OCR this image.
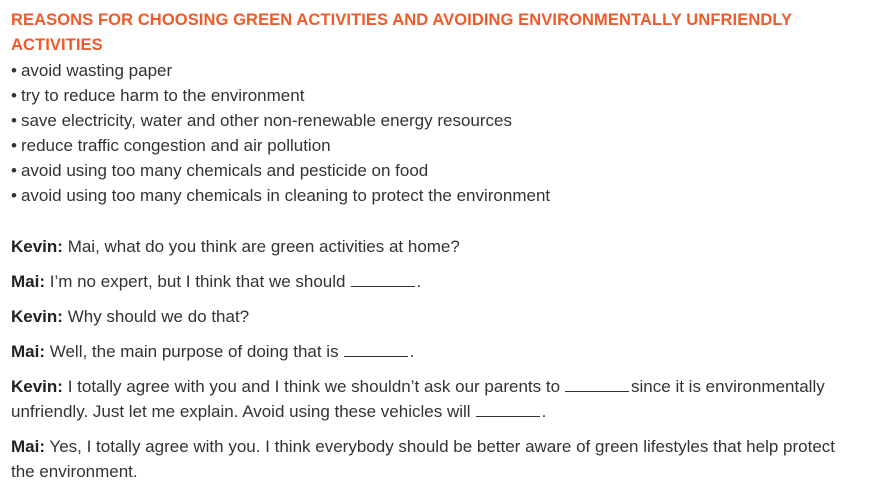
REASONS FOR CHOOSING GREEN ACTIVITIES AND AVOIDING ENVIRONMENTALLY UNFRIENDLY ACTIVITIES
• avoid wasting paper
• try to reduce harm to the environment
• save electricity, water and other non-renewable energy resources
• reduce traffic congestion and air pollution
• avoid using too many chemicals and pesticide on food
• avoid using too many chemicals in cleaning to protect the environment

Kevin: Mai, what do you think are green activities at home?

Mai: I’m no expert, but I think that we should	.

Kevin: Why should we do that?

Mai: Well, the main purpose of doing that is	.

Kevin: I totally agree with you and I think we shouldn’t ask our parents to	since it is environmentally unfriendly. Just let me explain. Avoid using these vehicles will	.

Mai: Yes, I totally agree with you. I think everybody should be better aware of green lifestyles that help protect the environment.
